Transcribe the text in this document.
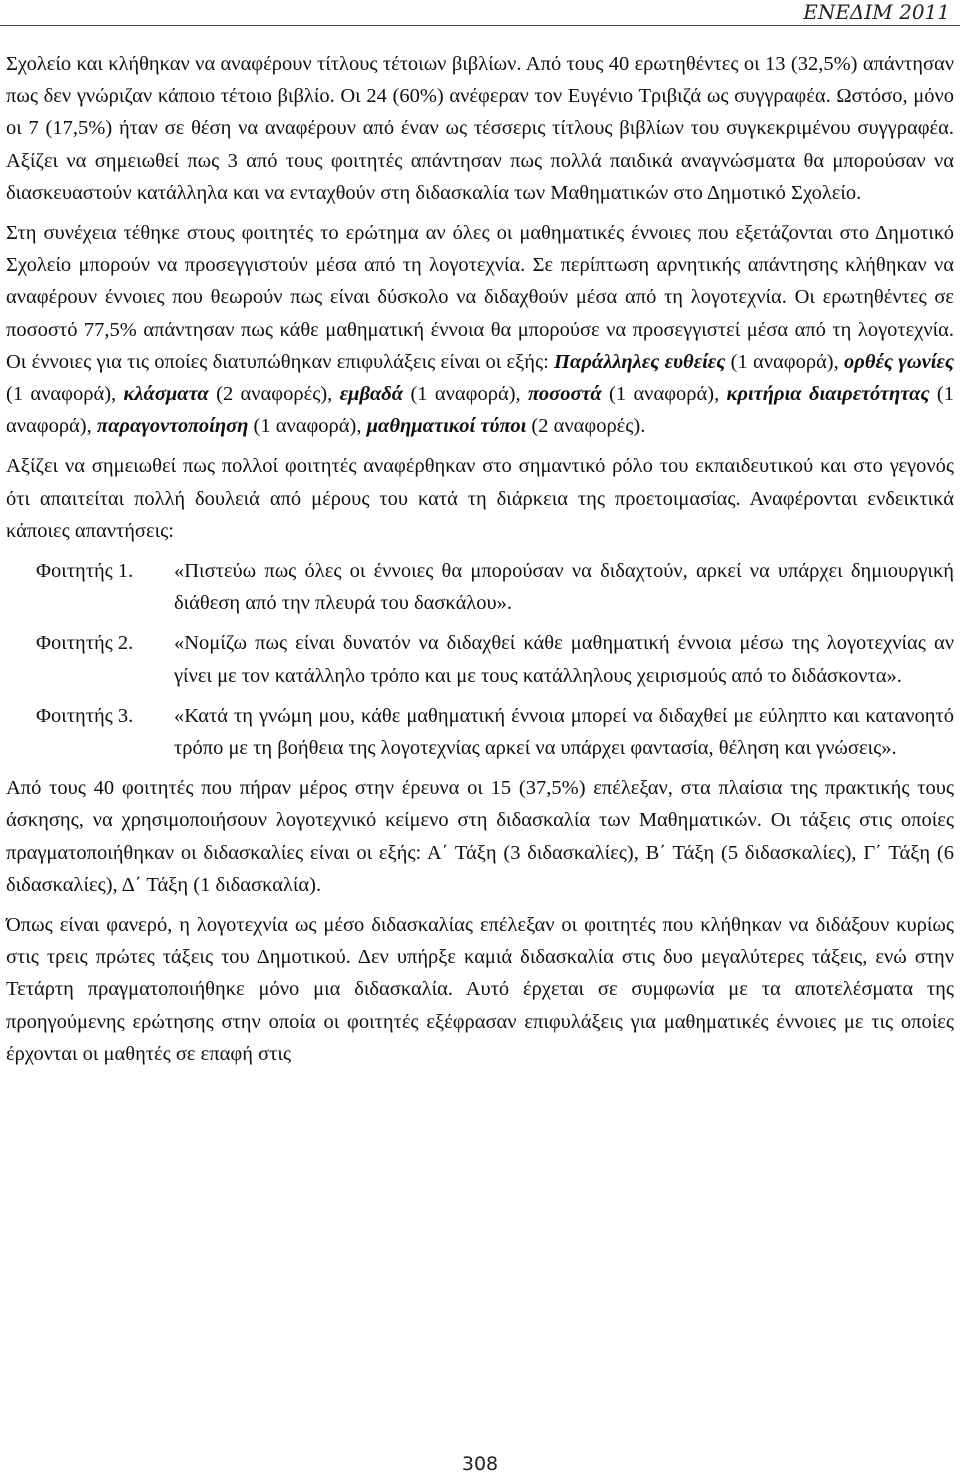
ΕΝΕΔΙΜ 2011

Σχολείο και κλήθηκαν να αναφέρουν τίτλους τέτοιων βιβλίων. Από τους 40 ερωτηθέντες οι 13 (32,5%) απάντησαν πως δεν γνώριζαν κάποιο τέτοιο βιβλίο. Οι 24 (60%) ανέφεραν τον Ευγένιο Τριβιζά ως συγγραφέα. Ωστόσο, μόνο οι 7 (17,5%) ήταν σε θέση να αναφέρουν από έναν ως τέσσερις τίτλους βιβλίων του συγκεκριμένου συγγραφέα. Αξίζει να σημειωθεί πως 3 από τους φοιτητές απάντησαν πως πολλά παιδικά αναγνώσματα θα μπορούσαν να διασκευαστούν κατάλληλα και να ενταχθούν στη διδασκαλία των Μαθηματικών στο Δημοτικό Σχολείο.

Στη συνέχεια τέθηκε στους φοιτητές το ερώτημα αν όλες οι μαθηματικές έννοιες που εξετάζονται στο Δημοτικό Σχολείο μπορούν να προσεγγιστούν μέσα από τη λογοτεχνία. Σε περίπτωση αρνητικής απάντησης κλήθηκαν να αναφέρουν έννοιες που θεωρούν πως είναι δύσκολο να διδαχθούν μέσα από τη λογοτεχνία. Οι ερωτηθέντες σε ποσοστό 77,5% απάντησαν πως κάθε μαθηματική έννοια θα μπορούσε να προσεγγιστεί μέσα από τη λογοτεχνία. Οι έννοιες για τις οποίες διατυπώθηκαν επιφυλάξεις είναι οι εξής: Παράλληλες ευθείες (1 αναφορά), ορθές γωνίες (1 αναφορά), κλάσματα (2 αναφορές), εμβαδά (1 αναφορά), ποσοστά (1 αναφορά), κριτήρια διαιρετότητας (1 αναφορά), παραγοντοποίηση (1 αναφορά), μαθηματικοί τύποι (2 αναφορές).

Αξίζει να σημειωθεί πως πολλοί φοιτητές αναφέρθηκαν στο σημαντικό ρόλο του εκπαιδευτικού και στο γεγονός ότι απαιτείται πολλή δουλειά από μέρους του κατά τη διάρκεια της προετοιμασίας. Αναφέρονται ενδεικτικά κάποιες απαντήσεις:

Φοιτητής 1.	«Πιστεύω πως όλες οι έννοιες θα μπορούσαν να διδαχτούν, αρκεί να υπάρχει δημιουργική διάθεση από την πλευρά του δασκάλου».
Φοιτητής 2.	«Νομίζω πως είναι δυνατόν να διδαχθεί κάθε μαθηματική έννοια μέσω της λογοτεχνίας αν γίνει με τον κατάλληλο τρόπο και με τους κατάλληλους χειρισμούς από το διδάσκοντα».
Φοιτητής 3.	«Κατά τη γνώμη μου, κάθε μαθηματική έννοια μπορεί να διδαχθεί με εύληπτο και κατανοητό τρόπο με τη βοήθεια της λογοτεχνίας αρκεί να υπάρχει φαντασία, θέληση και γνώσεις».

Από τους 40 φοιτητές που πήραν μέρος στην έρευνα οι 15 (37,5%) επέλεξαν, στα πλαίσια της πρακτικής τους άσκησης, να χρησιμοποιήσουν λογοτεχνικό κείμενο στη διδασκαλία των Μαθηματικών. Οι τάξεις στις οποίες πραγματοποιήθηκαν οι διδασκαλίες είναι οι εξής: Α΄ Τάξη (3 διδασκαλίες), Β΄ Τάξη (5 διδασκαλίες), Γ΄ Τάξη (6 διδασκαλίες), Δ΄ Τάξη (1 διδασκαλία).

Όπως είναι φανερό, η λογοτεχνία ως μέσο διδασκαλίας επέλεξαν οι φοιτητές που κλήθηκαν να διδάξουν κυρίως στις τρεις πρώτες τάξεις του Δημοτικού. Δεν υπήρξε καμιά διδασκαλία στις δυο μεγαλύτερες τάξεις, ενώ στην Τετάρτη πραγματοποιήθηκε μόνο μια διδασκαλία. Αυτό έρχεται σε συμφωνία με τα αποτελέσματα της προηγούμενης ερώτησης στην οποία οι φοιτητές εξέφρασαν επιφυλάξεις για μαθηματικές έννοιες με τις οποίες έρχονται οι μαθητές σε επαφή στις

308
